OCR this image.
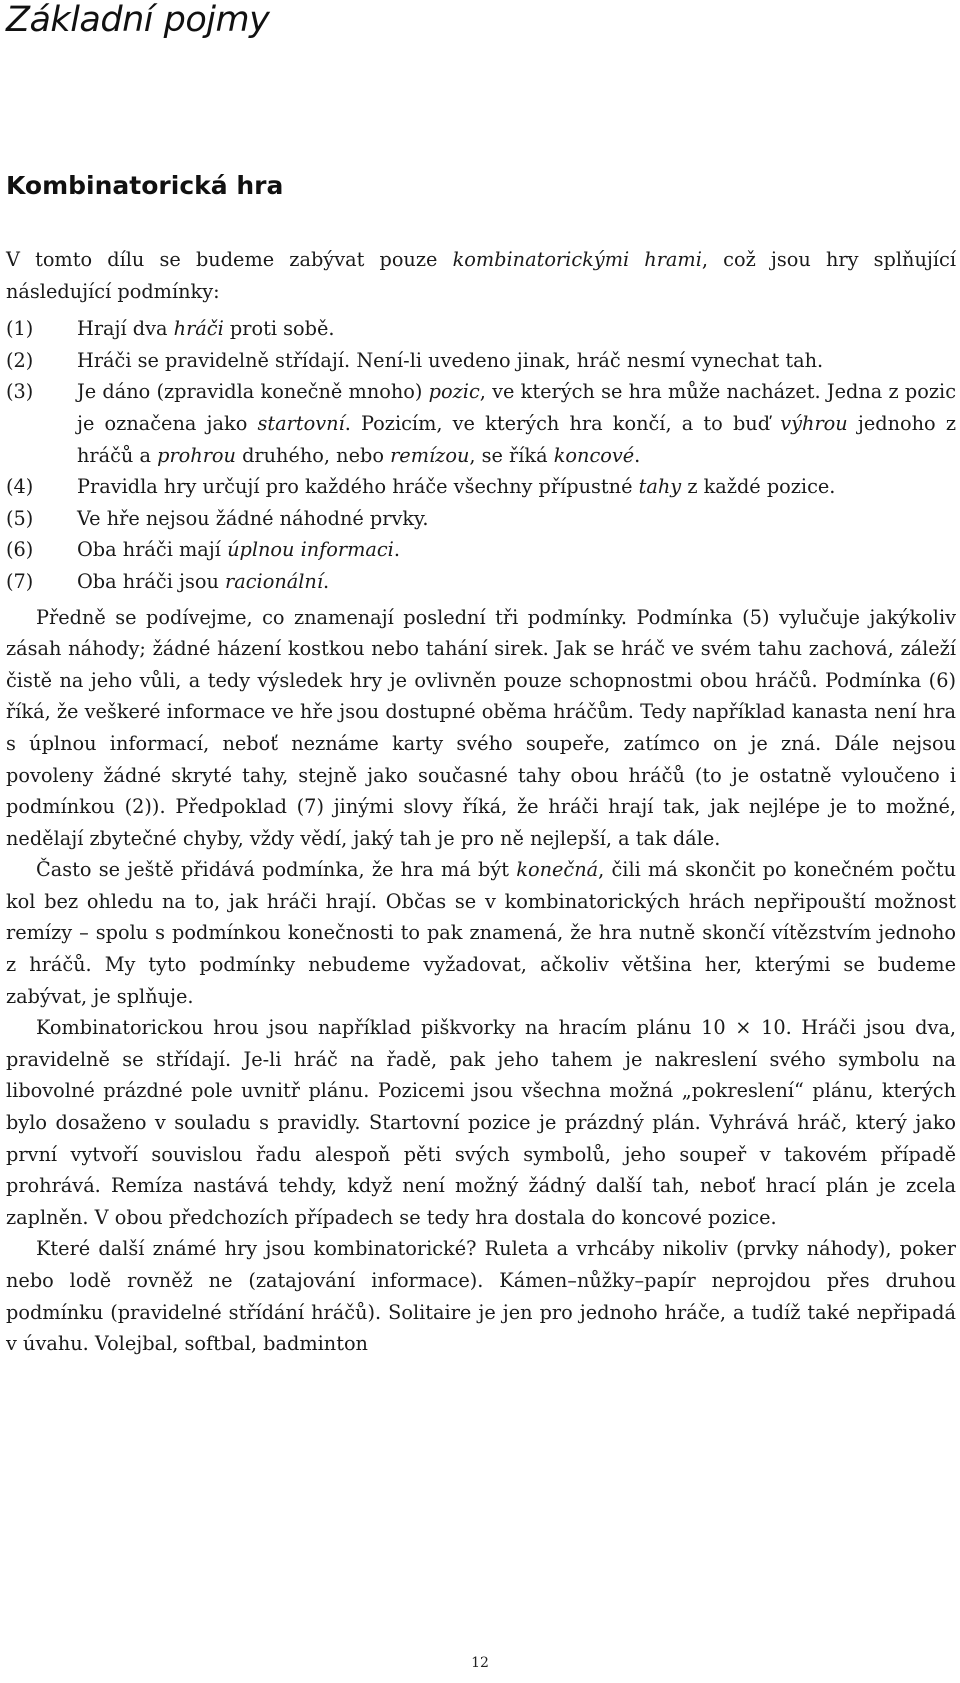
Základní pojmy
Kombinatorická hra

V tomto dílu se budeme zabývat pouze kombinatorickými hrami, což jsou hry splňující následující podmínky:

(1) Hrají dva hráči proti sobě.
(2) Hráči se pravidelně střídají. Není-li uvedeno jinak, hráč nesmí vynechat tah.
(3) Je dáno (zpravidla konečně mnoho) pozic, ve kterých se hra může nacházet. Jedna z pozic je označena jako startovní. Pozicím, ve kterých hra končí, a to buď výhrou jednoho z hráčů a prohrou druhého, nebo remízou, se říká koncové.
(4) Pravidla hry určují pro každého hráče všechny přípustné tahy z každé pozice.
(5) Ve hře nejsou žádné náhodné prvky.
(6) Oba hráči mají úplnou informaci.
(7) Oba hráči jsou racionální.

Předně se podívejme, co znamenají poslední tři podmínky. Podmínka (5) vylučuje jakýkoliv zásah náhody; žádné házení kostkou nebo tahání sirek. Jak se hráč ve svém tahu zachová, záleží čistě na jeho vůli, a tedy výsledek hry je ovlivněn pouze schopnostmi obou hráčů. Podmínka (6) říká, že veškeré informace ve hře jsou dostupné oběma hráčům. Tedy například kanasta není hra s úplnou informací, neboť neznáme karty svého soupeře, zatímco on je zná. Dále nejsou povoleny žádné skryté tahy, stejně jako současné tahy obou hráčů (to je ostatně vyloučeno i podmínkou (2)). Předpoklad (7) jinými slovy říká, že hráči hrají tak, jak nejlépe je to možné, nedělají zbytečné chyby, vždy vědí, jaký tah je pro ně nejlepší, a tak dále.

Často se ještě přidává podmínka, že hra má být konečná, čili má skončit po konečném počtu kol bez ohledu na to, jak hráči hrají. Občas se v kombinatorických hrách nepřipouští možnost remízy – spolu s podmínkou konečnosti to pak znamená, že hra nutně skončí vítězstvím jednoho z hráčů. My tyto podmínky nebudeme vyžadovat, ačkoliv většina her, kterými se budeme zabývat, je splňuje.

Kombinatorickou hrou jsou například piškvorky na hracím plánu 10 × 10. Hráči jsou dva, pravidelně se střídají. Je-li hráč na řadě, pak jeho tahem je nakreslení svého symbolu na libovolné prázdné pole uvnitř plánu. Pozicemi jsou všechna možná „pokreslení“ plánu, kterých bylo dosaženo v souladu s pravidly. Startovní pozice je prázdný plán. Vyhrává hráč, který jako první vytvoří souvislou řadu alespoň pěti svých symbolů, jeho soupeř v takovém případě prohrává. Remíza nastává tehdy, když není možný žádný další tah, neboť hrací plán je zcela zaplněn. V obou předchozích případech se tedy hra dostala do koncové pozice.

Které další známé hry jsou kombinatorické? Ruleta a vrhcáby nikoliv (prvky náhody), poker nebo lodě rovněž ne (zatajování informace). Kámen–nůžky–papír neprojdou přes druhou podmínku (pravidelné střídání hráčů). Solitaire je jen pro jednoho hráče, a tudíž také nepřipadá v úvahu. Volejbal, softbal, badminton

12
